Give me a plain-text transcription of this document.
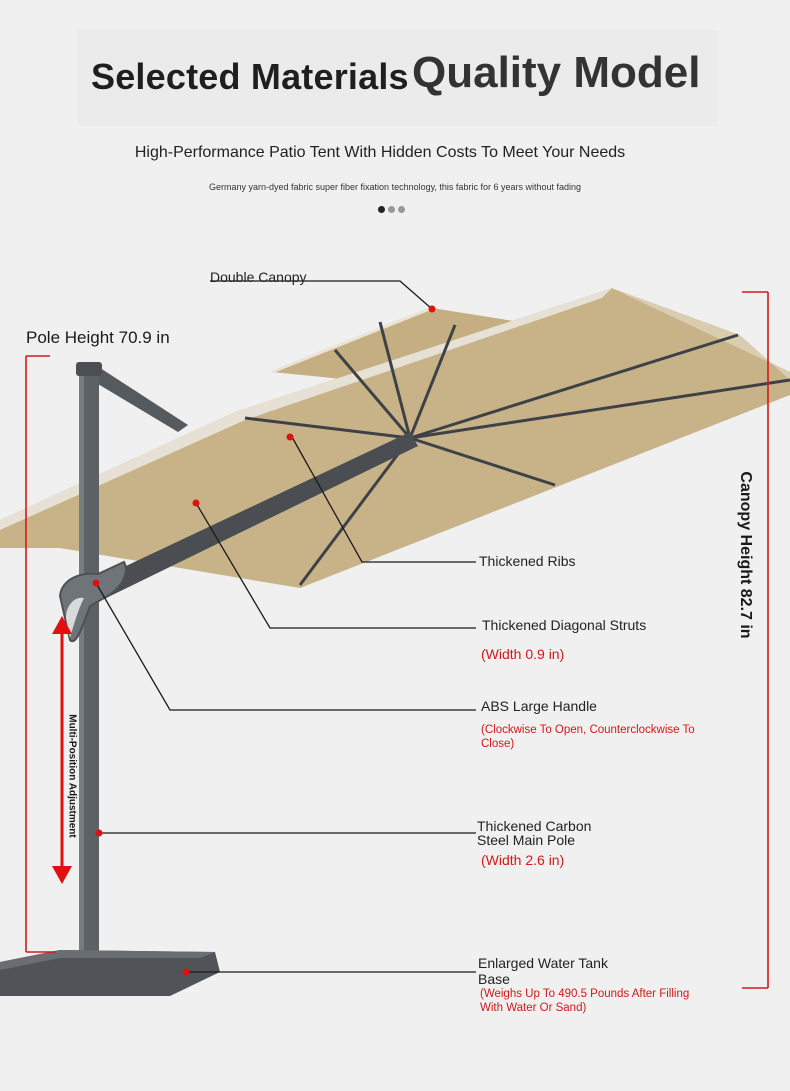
Selected Materials Quality Model
High-Performance Patio Tent With Hidden Costs To Meet Your Needs
Germany yarn-dyed fabric super fiber fixation technology, this fabric for 6 years without fading
Pole Height 70.9 in
Canopy Height 82.7 in
Multi-Position Adjustment
Double Canopy
Thickened Ribs
Thickened Diagonal Struts
(Width 0.9 in)
ABS Large Handle
(Clockwise To Open, Counterclockwise To Close)
Thickened Carbon
Steel Main Pole
(Width 2.6 in)
Enlarged Water Tank
Base
(Weighs Up To 490.5 Pounds After Filling With Water Or Sand)
